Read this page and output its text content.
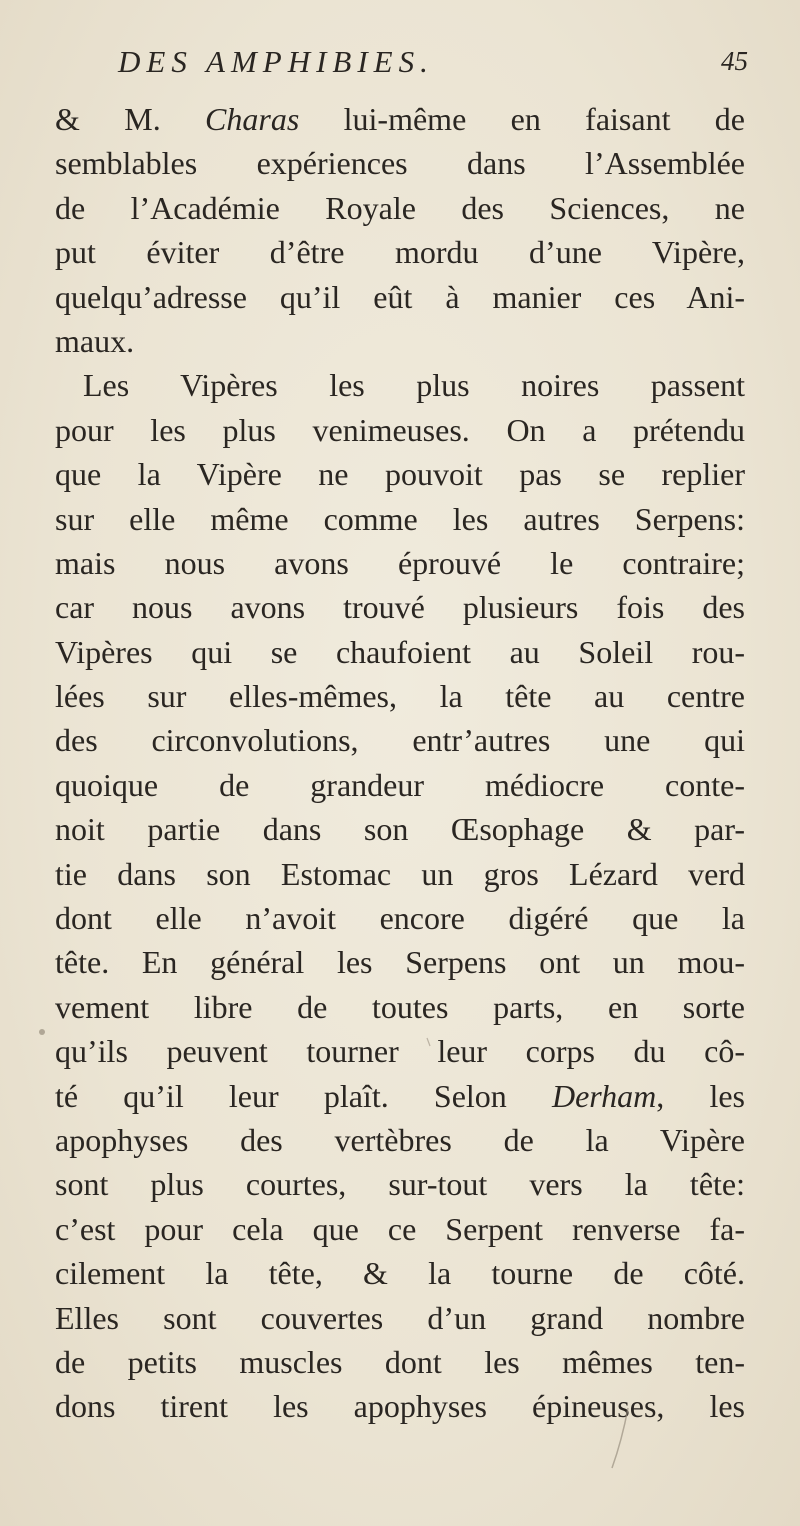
DES AMPHIBIES.	45
& M. Charas lui-même en faisant de
semblables expériences dans l’Assemblée
de l’Académie Royale des Sciences, ne
put éviter d’être mordu d’une Vipère,
quelqu’adresse qu’il eût à manier ces Ani-
maux.
Les Vipères les plus noires passent
pour les plus venimeuses. On a prétendu
que la Vipère ne pouvoit pas se replier
sur elle même comme les autres Serpens:
mais nous avons éprouvé le contraire;
car nous avons trouvé plusieurs fois des
Vipères qui se chaufoient au Soleil rou-
lées sur elles-mêmes, la tête au centre
des circonvolutions, entr’autres une qui
quoique de grandeur médiocre conte-
noit partie dans son Œsophage & par-
tie dans son Estomac un gros Lézard verd
dont elle n’avoit encore digéré que la
tête. En général les Serpens ont un mou-
vement libre de toutes parts, en sorte
qu’ils peuvent tourner leur corps du cô-
té qu’il leur plaît. Selon Derham, les
apophyses des vertèbres de la Vipère
sont plus courtes, sur-tout vers la tête:
c’est pour cela que ce Serpent renverse fa-
cilement la tête, & la tourne de côté.
Elles sont couvertes d’un grand nombre
de petits muscles dont les mêmes ten-
dons tirent les apophyses épineuses, les
